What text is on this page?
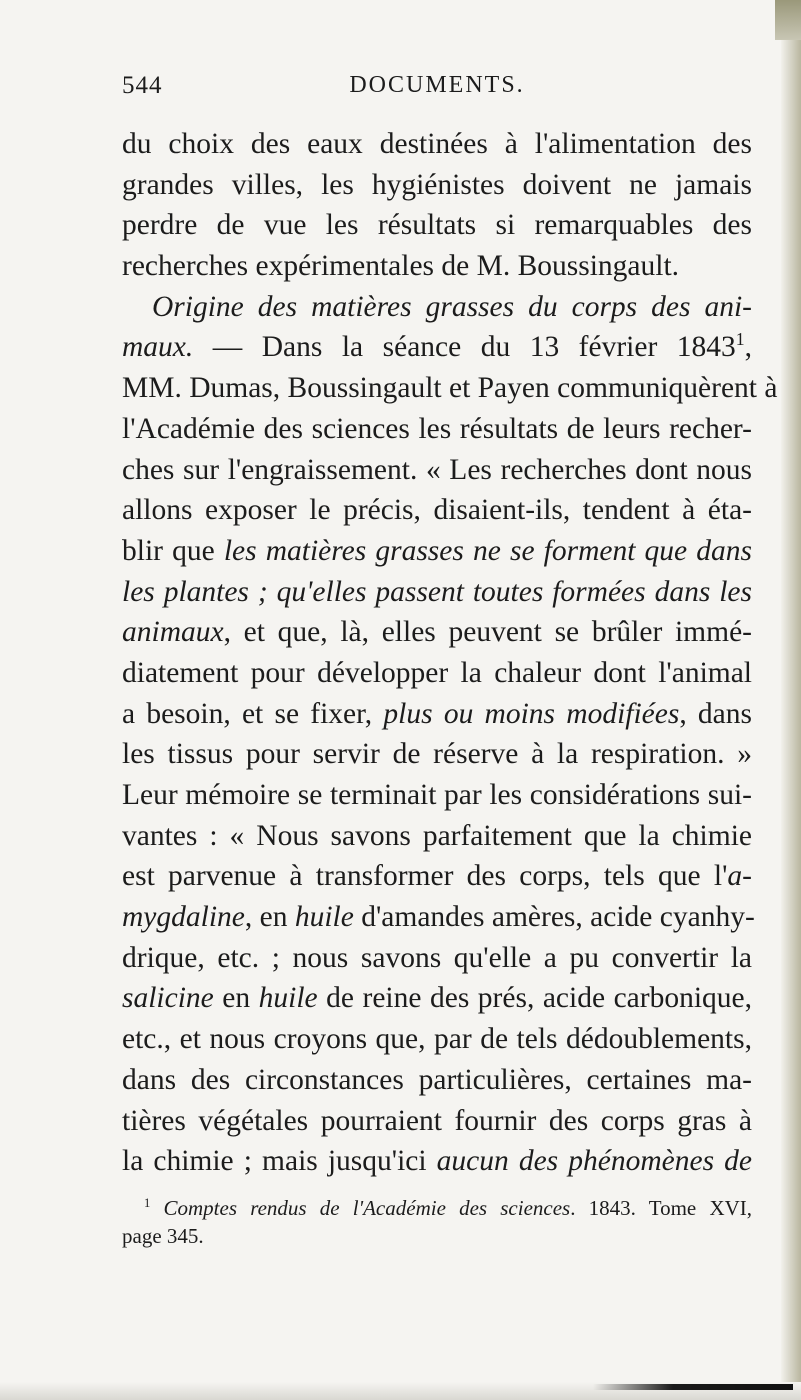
544	DOCUMENTS.
du choix des eaux destinées à l'alimentation des
grandes villes, les hygiénistes doivent ne jamais
perdre de vue les résultats si remarquables des
recherches expérimentales de M. Boussingault.
Origine des matières grasses du corps des ani-
maux. — Dans la séance du 13 février 1843$^1$,
MM. Dumas, Boussingault et Payen communiquèrent à
l'Académie des sciences les résultats de leurs recher-
ches sur l'engraissement. « Les recherches dont nous
allons exposer le précis, disaient-ils, tendent à éta-
blir que les matières grasses ne se forment que dans
les plantes ; qu'elles passent toutes formées dans les
animaux, et que, là, elles peuvent se brûler immé-
diatement pour développer la chaleur dont l'animal
a besoin, et se fixer, plus ou moins modifiées, dans
les tissus pour servir de réserve à la respiration. »
Leur mémoire se terminait par les considérations sui-
vantes : « Nous savons parfaitement que la chimie
est parvenue à transformer des corps, tels que l'a-
mygdaline, en huile d'amandes amères, acide cyanhy-
drique, etc. ; nous savons qu'elle a pu convertir la
salicine en huile de reine des prés, acide carbonique,
etc., et nous croyons que, par de tels dédoublements,
dans des circonstances particulières, certaines ma-
tières végétales pourraient fournir des corps gras à
la chimie ; mais jusqu'ici aucun des phénomènes de
$^1$ Comptes rendus de l'Académie des sciences. 1843. Tome XVI,
page 345.
